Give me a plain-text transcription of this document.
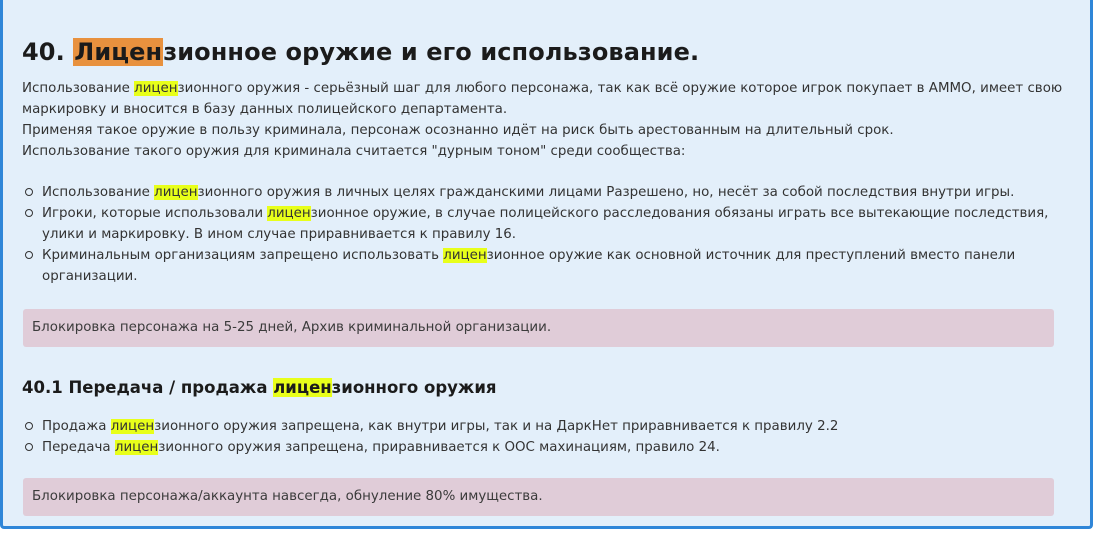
40. Лицензионное оружие и его использование.

Использование лицензионного оружия - серьёзный шаг для любого персонажа, так как всё оружие которое игрок покупает в AMMO, имеет свою маркировку и вносится в базу данных полицейского департамента.
Применяя такое оружие в пользу криминала, персонаж осознанно идёт на риск быть арестованным на длительный срок.
Использование такого оружия для криминала считается "дурным тоном" среди сообщества:

Использование лицензионного оружия в личных целях гражданскими лицами Разрешено, но, несёт за собой последствия внутри игры.
Игроки, которые использовали лицензионное оружие, в случае полицейского расследования обязаны играть все вытекающие последствия, улики и маркировку. В ином случае приравнивается к правилу 16.
Криминальным организациям запрещено использовать лицензионное оружие как основной источник для преступлений вместо панели организации.
Блокировка персонажа на 5-25 дней, Архив криминальной организации.
40.1 Передача / продажа лицензионного оружия
Продажа лицензионного оружия запрещена, как внутри игры, так и на ДаркНет приравнивается к правилу 2.2
Передача лицензионного оружия запрещена, приравнивается к ООС махинациям, правило 24.
Блокировка персонажа/аккаунта навсегда, обнуление 80% имущества.
